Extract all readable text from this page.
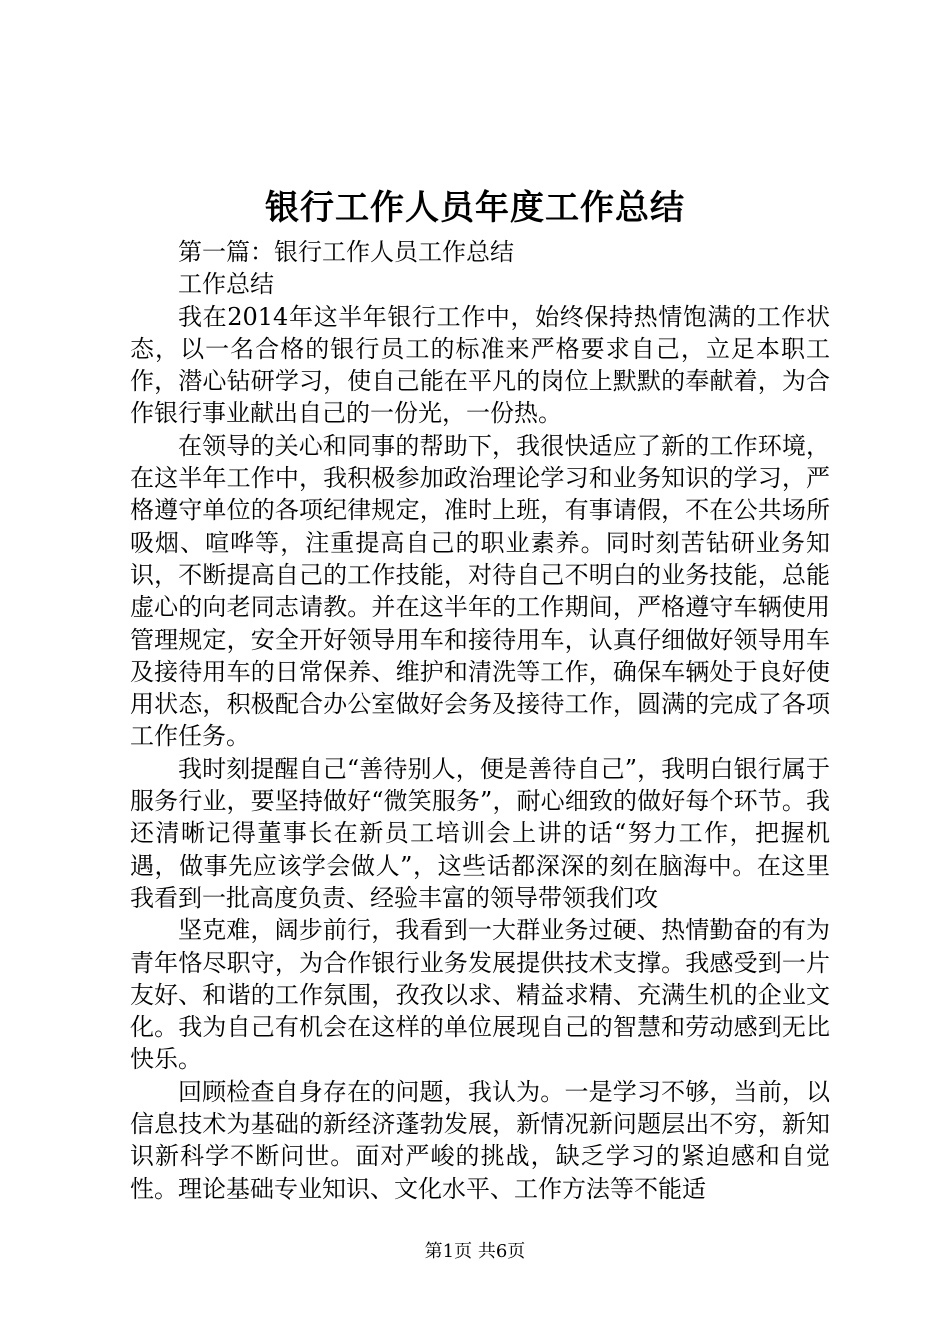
银行工作人员年度工作总结

第一篇：银行工作人员工作总结

工作总结

我在2014年这半年银行工作中，始终保持热情饱满的工作状态，以一名合格的银行员工的标准来严格要求自己，立足本职工作，潜心钻研学习，使自己能在平凡的岗位上默默的奉献着，为合作银行事业献出自己的一份光，一份热。

在领导的关心和同事的帮助下，我很快适应了新的工作环境，在这半年工作中，我积极参加政治理论学习和业务知识的学习，严格遵守单位的各项纪律规定，准时上班，有事请假，不在公共场所吸烟、喧哗等，注重提高自己的职业素养。同时刻苦钻研业务知识，不断提高自己的工作技能，对待自己不明白的业务技能，总能虚心的向老同志请教。并在这半年的工作期间，严格遵守车辆使用管理规定，安全开好领导用车和接待用车，认真仔细做好领导用车及接待用车的日常保养、维护和清洗等工作，确保车辆处于良好使用状态，积极配合办公室做好会务及接待工作，圆满的完成了各项工作任务。

我时刻提醒自己“善待别人，便是善待自己”，我明白银行属于服务行业，要坚持做好“微笑服务”，耐心细致的做好每个环节。我还清晰记得董事长在新员工培训会上讲的话“努力工作，把握机遇，做事先应该学会做人”，这些话都深深的刻在脑海中。在这里我看到一批高度负责、经验丰富的领导带领我们攻

坚克难，阔步前行，我看到一大群业务过硬、热情勤奋的有为青年恪尽职守，为合作银行业务发展提供技术支撑。我感受到一片友好、和谐的工作氛围，孜孜以求、精益求精、充满生机的企业文化。我为自己有机会在这样的单位展现自己的智慧和劳动感到无比快乐。

回顾检查自身存在的问题，我认为。一是学习不够，当前，以信息技术为基础的新经济蓬勃发展，新情况新问题层出不穷，新知识新科学不断问世。面对严峻的挑战，缺乏学习的紧迫感和自觉性。理论基础专业知识、文化水平、工作方法等不能适

第1页 共6页
